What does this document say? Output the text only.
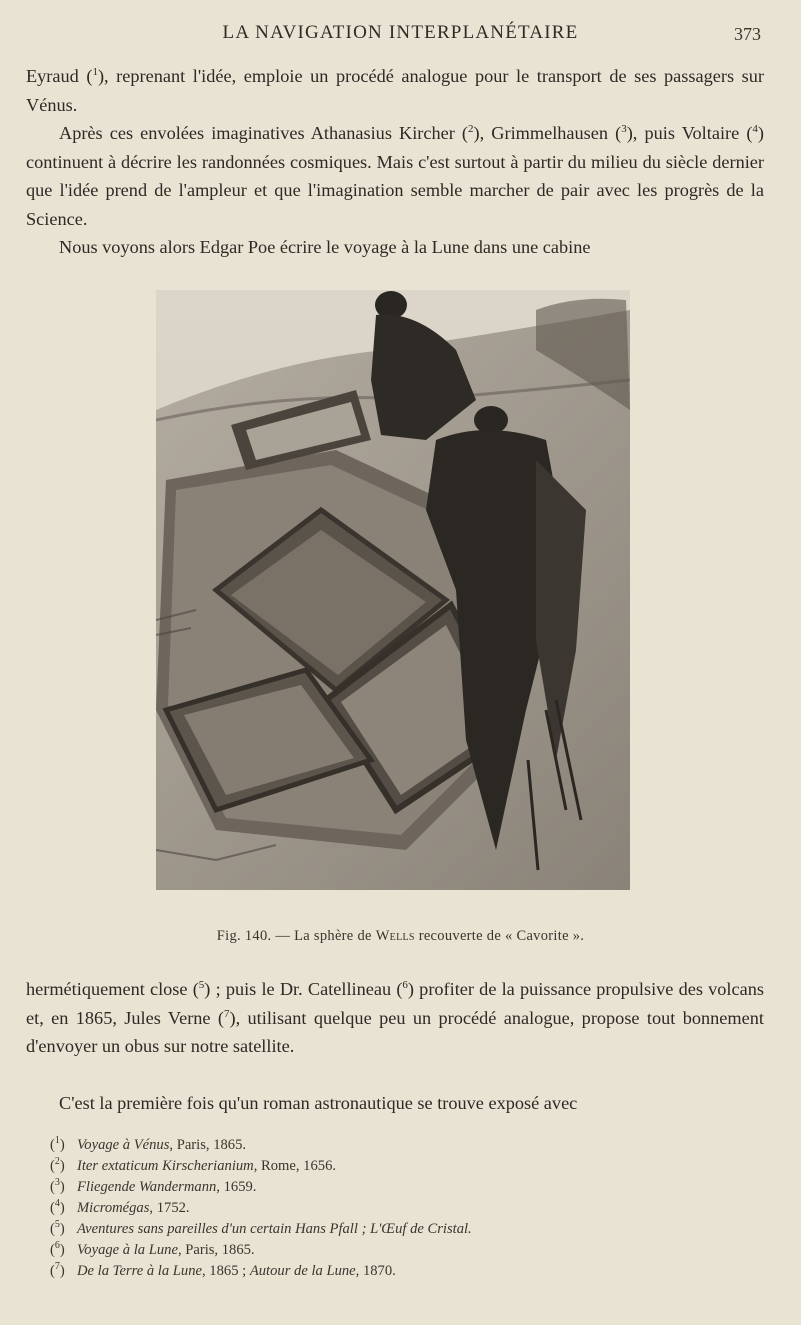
LA NAVIGATION INTERPLANÉTAIRE	373

Eyraud ($^1$), reprenant l'idée, emploie un procédé analogue pour le transport de ses passagers sur Vénus.

Après ces envolées imaginatives Athanasius Kircher ($^2$), Grimmelhausen ($^3$), puis Voltaire ($^4$) continuent à décrire les randonnées cosmiques. Mais c'est surtout à partir du milieu du siècle dernier que l'idée prend de l'ampleur et que l'imagination semble marcher de pair avec les progrès de la Science.

Nous voyons alors Edgar Poe écrire le voyage à la Lune dans une cabine

Fig. 140. — La sphère de Wells recouverte de « Cavorite ».

hermétiquement close ($^5$) ; puis le Dr. Catellineau ($^6$) profiter de la puissance propulsive des volcans et, en 1865, Jules Verne ($^7$), utilisant quelque peu un procédé analogue, propose tout bonnement d'envoyer un obus sur notre satellite.

C'est la première fois qu'un roman astronautique se trouve exposé avec

($^1$) Voyage à Vénus, Paris, 1865.
($^2$) Iter extaticum Kirscherianium, Rome, 1656.
($^3$) Fliegende Wandermann, 1659.
($^4$) Micromégas, 1752.
($^5$) Aventures sans pareilles d'un certain Hans Pfall ; L'Œuf de Cristal.
($^6$) Voyage à la Lune, Paris, 1865.
($^7$) De la Terre à la Lune, 1865 ; Autour de la Lune, 1870.
